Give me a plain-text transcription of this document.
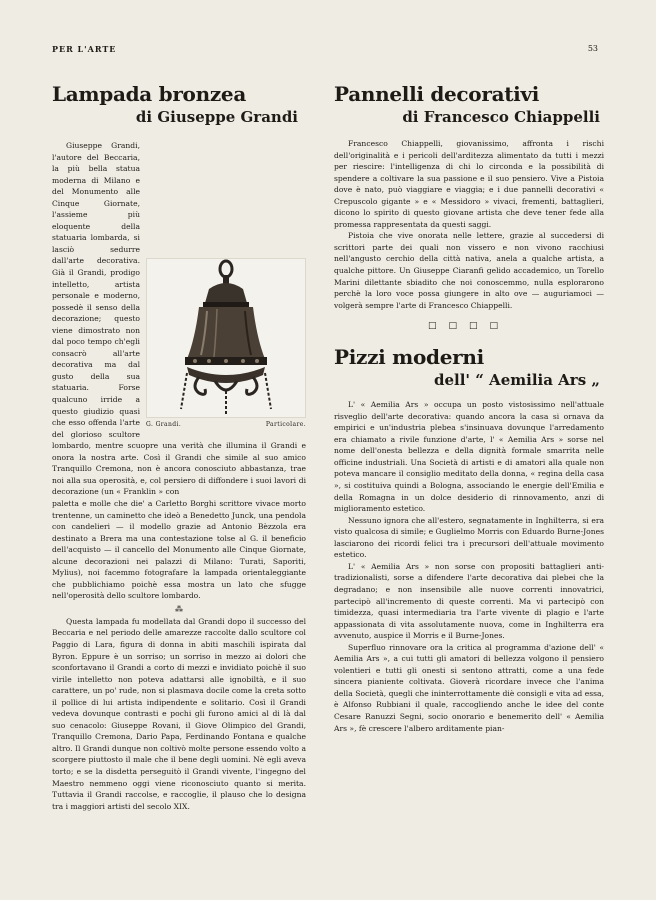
PER L'ARTE	53
Lampada bronzea
di Giuseppe Grandi
G. Grandi.	Particolare.

Giuseppe Grandi, l'autore del Beccaria, la più bella statua moderna di Milano e del Monumento alle Cinque Giornate, l'assieme più eloquente della statuaria lombarda, si lasciò sedurre dall'arte decorativa. Già il Grandi, prodigo intelletto, artista personale e moderno, possedè il senso della decorazione; questo viene dimostrato non dal poco tempo ch'egli consacrò all'arte decorativa ma dal gusto della sua statuaria. Forse qualcuno irride a questo giudizio quasi che esso offenda l'arte del glorioso scultore lombardo, mentre scuopre una verità che illumina il Grandi e onora la nostra arte. Così il Grandi che simile al suo amico Tranquillo Cremona, non è ancora conosciuto abbastanza, trae noi alla sua operosità, e, col persiero di diffondere i suoi lavori di decorazione (un « Franklin » con

paletta e molle che die' a Carletto Borghi scrittore vivace morto trentenne, un caminetto che ideò a Benedetto Junck, una pendola con candelieri — il modello grazie ad Antonio Bèzzola era destinato a Brera ma una contestazione tolse al G. il beneficio dell'acquisto — il cancello del Monumento alle Cinque Giornate, alcune decorazioni nei palazzi di Milano: Turati, Saporiti, Mylius), noi facemmo fotografare la lampada orientaleggiante che pubblichiamo poichè essa mostra un lato che sfugge nell'operosità dello scultore lombardo.

⁂

Questa lampada fu modellata dal Grandi dopo il successo del Beccaria e nel periodo delle amarezze raccolte dallo scultore col Paggio di Lara, figura di donna in abiti maschili ispirata dal Byron. Eppure è un sorriso; un sorriso in mezzo ai dolori che sconfortavano il Grandi a corto di mezzi e invidiato poichè il suo virile intelletto non poteva adattarsi alle ignobiltà, e il suo carattere, un po' rude, non si plasmava docile come la creta sotto il pollice di lui artista indipendente e solitario. Così il Grandi vedeva dovunque contrasti e pochi gli furono amici al di là dal suo cenacolo: Giuseppe Rovani, il Giove Olimpico del Grandi, Tranquillo Cremona, Dario Papa, Ferdinando Fontana e qualche altro. Il Grandi dunque non coltivò molte persone essendo volto a scorgere piuttosto il male che il bene degli uomini. Nè egli aveva torto; e se la disdetta perseguitò il Grandi vivente, l'ingegno del Maestro nemmeno oggi viene riconosciuto quanto si merita. Tuttavia il Grandi raccolse, e raccoglie, il plauso che lo designa tra i maggiori artisti del secolo XIX.

Pannelli decorativi
di Francesco Chiappelli

Francesco Chiappelli, giovanissimo, affronta i rischi dell'originalità e i pericoli dell'arditezza alimentato da tutti i mezzi per riescire: l'intelligenza di chi lo circonda e la possibilità di spendere a coltivare la sua passione e il suo pensiero. Vive a Pistoia dove è nato, può viaggiare e viaggia; e i due pannelli decorativi « Crepuscolo gigante » e « Messidoro » vivaci, frementi, battaglieri, dicono lo spirito di questo giovane artista che deve tener fede alla promessa rappresentata da questi saggi.

Pistoia che vive onorata nelle lettere, grazie al succedersi di scrittori parte dei quali non vissero e non vivono racchiusi nell'angusto cerchio della città nativa, anela a qualche artista, a qualche pittore. Un Giuseppe Ciaranfi gelido accademico, un Torello Marini dilettante sbiadito che noi conoscemmo, nulla esplorarono perchè la loro voce possa giungere in alto ove — auguriamoci — volgerà sempre l'arte di Francesco Chiappelli.

□□□□
Pizzi moderni
dell' “ Aemilia Ars „

L' « Aemilia Ars » occupa un posto vistosissimo nell'attuale risveglio dell'arte decorativa: quando ancora la casa si ornava da empirici e un'industria plebea s'insinuava dovunque l'arredamento era chiamato a rivile funzione d'arte, l' « Aemilia Ars » sorse nel nome dell'onesta bellezza e della dignità formale smarrita nelle officine industriali. Una Società di artisti e di amatori alla quale non poteva mancare il consiglio meditato della donna, « regina della casa », si costituiva quindi a Bologna, associando le energie dell'Emilia e della Romagna in un dolce desiderio di rinnovamento, anzi di miglioramento estetico.

Nessuno ignora che all'estero, segnatamente in Inghilterra, si era visto qualcosa di simile; e Guglielmo Morris con Eduardo Burne-Jones lasciarono dei ricordi felici tra i precursori dell'attuale movimento estetico.

L' « Aemilia Ars » non sorse con propositi battaglieri anti-tradizionalisti, sorse a difendere l'arte decorativa dai plebei che la degradano; e non insensibile alle nuove correnti innovatrici, partecipò all'incremento di queste correnti. Ma vi partecipò con timidezza, quasi intermediaria tra l'arte vivente di plagio e l'arte appassionata di vita assolutamente nuova, come in Inghilterra era avvenuto, auspice il Morris e il Burne-Jones.

Superfluo rinnovare ora la critica al programma d'azione dell' « Aemilia Ars », a cui tutti gli amatori di bellezza volgono il pensiero volentieri e tutti gli onesti si sentono attratti, come a una fede sincera pianiente coltivata. Gioverà ricordare invece che l'anima della Società, quegli che ininterrottamente diè consigli e vita ad essa, è Alfonso Rubbiani il quale, raccogliendo anche le idee del conte Cesare Ranuzzi Segni, socio onorario e benemerito dell' « Aemilia Ars », fè crescere l'albero arditamente pian-
